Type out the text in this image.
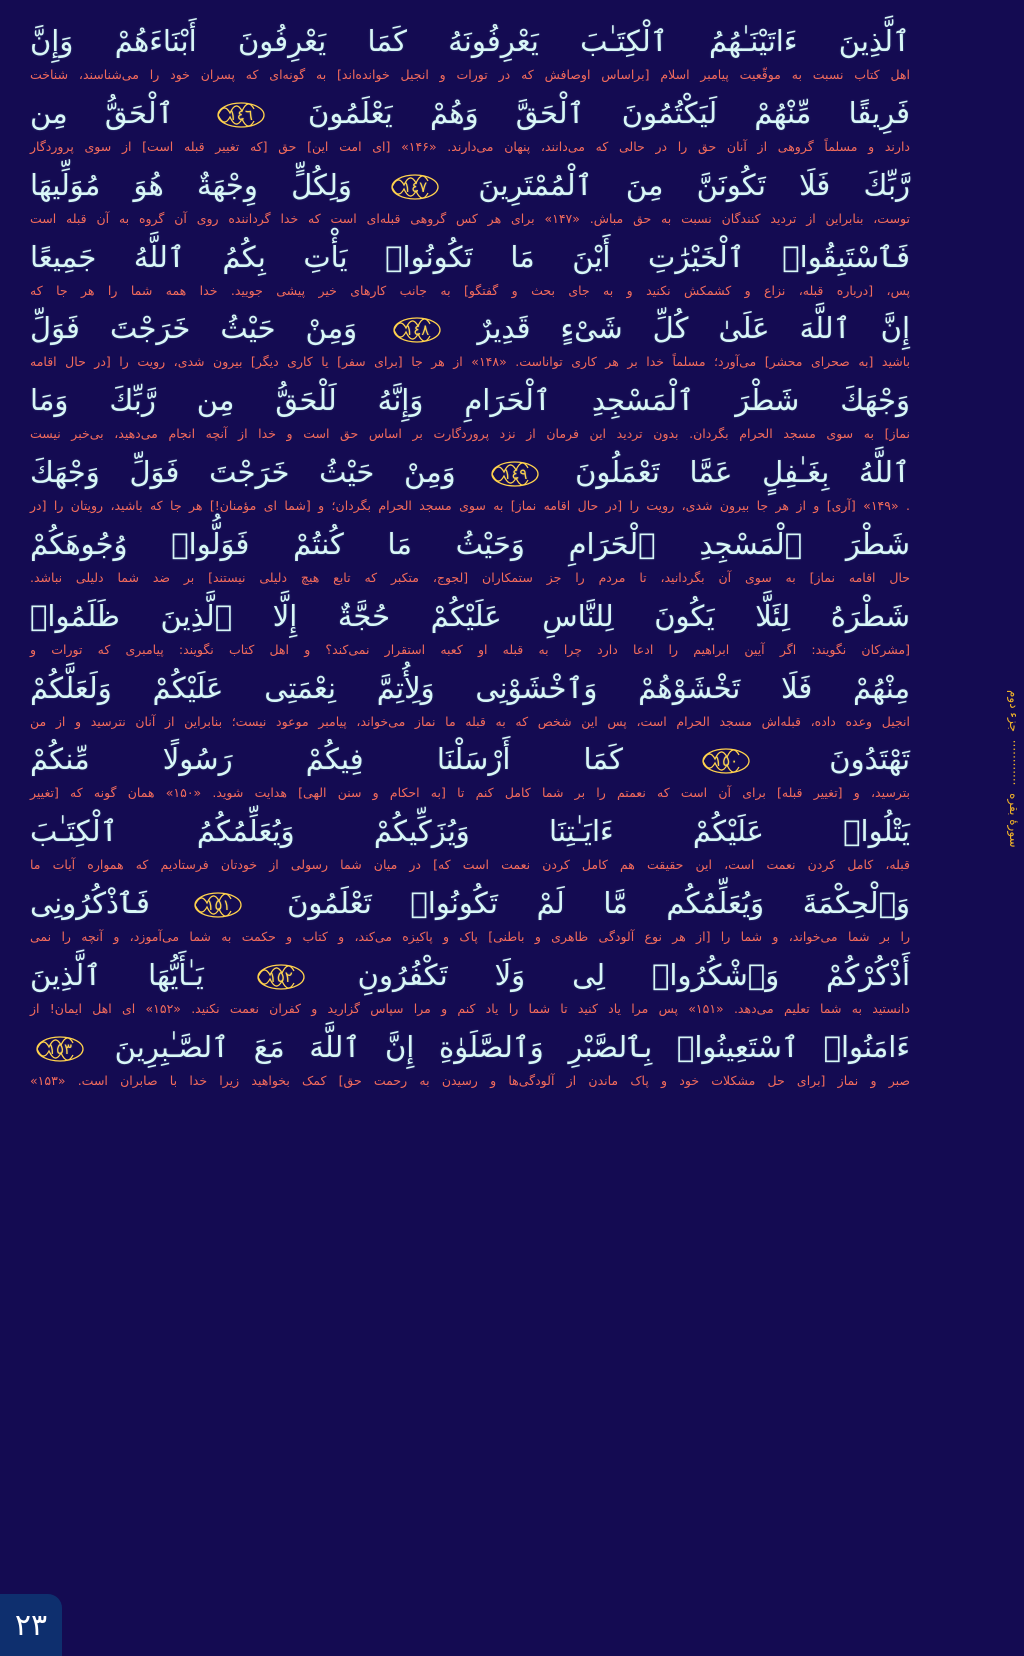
ٱلَّذِينَ ءَاتَيْنَـٰهُمُ ٱلْكِتَـٰبَ يَعْرِفُونَهُ كَمَا يَعْرِفُونَ أَبْنَاءَهُمْ وَإِنَّ
اهل کتاب نسبت به موقّعیت پیامبر اسلام [براساس اوصافش که در تورات و انجیل خوانده‌اند] به گونه‌ای که پسران خود را می‌شناسند، شناخت
فَرِيقًا مِّنْهُمْ لَيَكْتُمُونَ ٱلْحَقَّ وَهُمْ يَعْلَمُونَ
١٤٦
ٱلْحَقُّ مِن
دارند و مسلماً گروهی از آنان حق را در حالی که می‌دانند، پنهان می‌دارند. «۱۴۶» [ای امت این] حق [که تغییر قبله است] از سوی پروردگار
رَّبِّكَ فَلَا تَكُونَنَّ مِنَ ٱلْمُمْتَرِينَ
١٤٧
وَلِكُلٍّ وِجْهَةٌ هُوَ مُوَلِّيهَا
توست، بنابراین از تردید کنندگان نسبت به حق مباش. «۱۴۷» برای هر کس گروهی قبله‌ای است که خدا گرداننده روی آن گروه به آن قبله است
فَٱسْتَبِقُوا۟ ٱلْخَيْرَٰتِ أَيْنَ مَا تَكُونُوا۟ يَأْتِ بِكُمُ ٱللَّهُ جَمِيعًا
پس، [درباره قبله، نزاع و کشمکش نکنید و به جای بحث و گفتگو] به جانب کارهای خیر پیشی جویید. خدا همه شما را هر جا که
إِنَّ ٱللَّهَ عَلَىٰ كُلِّ شَىْءٍ قَدِيرٌ
١٤٨
وَمِنْ حَيْثُ خَرَجْتَ فَوَلِّ
باشید [به صحرای محشر] می‌آورد؛ مسلماً خدا بر هر کاری تواناست. «۱۴۸» از هر جا [برای سفر] یا کاری دیگر] بیرون شدی، رویت را [در حال اقامه
وَجْهَكَ شَطْرَ ٱلْمَسْجِدِ ٱلْحَرَامِ وَإِنَّهُ لَلْحَقُّ مِن رَّبِّكَ وَمَا
نماز] به سوی مسجد الحرام بگردان. بدون تردید این فرمان از نزد پروردگارت بر اساس حق است و خدا از آنچه انجام می‌دهید، بی‌خبر نیست
ٱللَّهُ بِغَـٰفِلٍ عَمَّا تَعْمَلُونَ
١٤٩
وَمِنْ حَيْثُ خَرَجْتَ فَوَلِّ وَجْهَكَ
. «۱۴۹» [آری] و از هر جا بیرون شدی، رویت را [در حال اقامه نماز] به سوی مسجد الحرام بگردان؛ و [شما ای مؤمنان!] هر جا که باشید، رویتان را [در
شَطْرَ ٱلْمَسْجِدِ ٱلْحَرَامِ وَحَيْثُ مَا كُنتُمْ فَوَلُّوا۟ وُجُوهَكُمْ
حال اقامه نماز] به سوی آن بگردانید، تا مردم را جز ستمکاران [لجوج، متکبر که تابع هیچ دلیلی نیستند] بر ضد شما دلیلی نباشد.
شَطْرَهُ لِئَلَّا يَكُونَ لِلنَّاسِ عَلَيْكُمْ حُجَّةٌ إِلَّا ٱلَّذِينَ ظَلَمُوا۟
[مشرکان نگویند: اگر آیین ابراهیم را ادعا دارد چرا به قبله او کعبه استقرار نمی‌کند؟ و اهل کتاب نگویند: پیامبری که تورات و
مِنْهُمْ فَلَا تَخْشَوْهُمْ وَٱخْشَوْنِى وَلِأُتِمَّ نِعْمَتِى عَلَيْكُمْ وَلَعَلَّكُمْ
انجیل وعده داده، قبله‌اش مسجد الحرام است، پس این شخص که به قبله ما نماز می‌خواند، پیامبر موعود نیست؛ بنابراین از آنان نترسید و از من
تَهْتَدُونَ
١٥٠
كَمَا أَرْسَلْنَا فِيكُمْ رَسُولًا مِّنكُمْ
بترسید، و [تغییر قبله] برای آن است که نعمتم را بر شما کامل کنم تا [به احکام و سنن الهی] هدایت شوید. «۱۵۰» همان گونه که [تغییر
يَتْلُوا۟ عَلَيْكُمْ ءَايَـٰتِنَا وَيُزَكِّيكُمْ وَيُعَلِّمُكُمُ ٱلْكِتَـٰبَ
قبله، کامل کردن نعمت است، این حقیقت هم کامل کردن نعمت است که] در میان شما رسولی از خودتان فرستادیم که همواره آیات ما
وَٱلْحِكْمَةَ وَيُعَلِّمُكُم مَّا لَمْ تَكُونُوا۟ تَعْلَمُونَ
١٥١
فَٱذْكُرُونِى
را بر شما می‌خواند، و شما را [از هر نوع آلودگی ظاهری و باطنی] پاک و پاکیزه می‌کند، و کتاب و حکمت به شما می‌آموزد، و آنچه را نمی‌
أَذْكُرْكُمْ وَٱشْكُرُوا۟ لِى وَلَا تَكْفُرُونِ
١٥٢
يَـٰأَيُّهَا ٱلَّذِينَ
دانستید به شما تعلیم می‌دهد. «۱۵۱» پس مرا یاد کنید تا شما را یاد کنم و مرا سپاس گزارید و کفران نعمت نکنید. «۱۵۲» ای اهل ایمان! از
ءَامَنُوا۟ ٱسْتَعِينُوا۟ بِٱلصَّبْرِ وَٱلصَّلَوٰةِ إِنَّ ٱللَّهَ مَعَ ٱلصَّـٰبِرِينَ
١٥٣
صبر و نماز [برای حل مشکلات خود و پاک ماندن از آلودگی‌ها و رسیدن به رحمت حق] کمک بخواهید زیرا خدا با صابران است. «۱۵۳»
سورۀ بقره  ············  جزء دوم
٢٣
